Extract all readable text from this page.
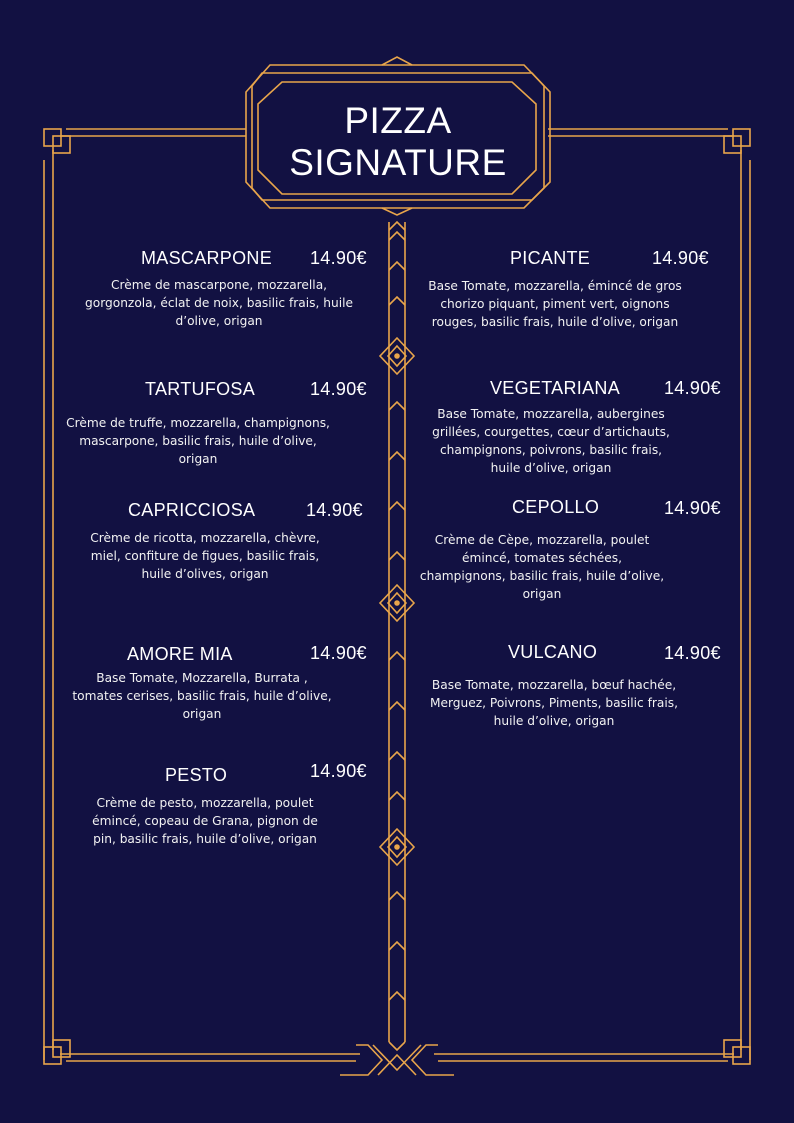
PIZZA
SIGNATURE
MASCARPONE 14.90€
Crème de mascarpone, mozzarella, gorgonzola, éclat de noix, basilic frais, huile d’olive, origan
TARTUFOSA	14.90€
Crème de truffe, mozzarella, champignons, mascarpone, basilic frais, huile d’olive, origan
CAPRICCIOSA	14.90€
Crème de ricotta, mozzarella, chèvre, miel, confiture de figues, basilic frais, huile d’olives, origan
AMORE MIA	14.90€
Base Tomate, Mozzarella, Burrata , tomates cerises, basilic frais, huile d’olive, origan
PESTO	14.90€
Crème de pesto, mozzarella, poulet émincé, copeau de Grana, pignon de pin, basilic frais, huile d’olive, origan
PICANTE	14.90€
Base Tomate, mozzarella, émincé de gros chorizo piquant, piment vert, oignons rouges, basilic frais, huile d’olive, origan
VEGETARIANA 14.90€
Base Tomate, mozzarella, aubergines grillées, courgettes, cœur d’artichauts, champignons, poivrons, basilic frais, huile d’olive, origan
CEPOLLO	14.90€
Crème de Cèpe, mozzarella, poulet émincé, tomates séchées, champignons, basilic frais, huile d’olive, origan
VULCANO	14.90€
Base Tomate, mozzarella, bœuf hachée, Merguez, Poivrons, Piments, basilic frais, huile d’olive, origan
